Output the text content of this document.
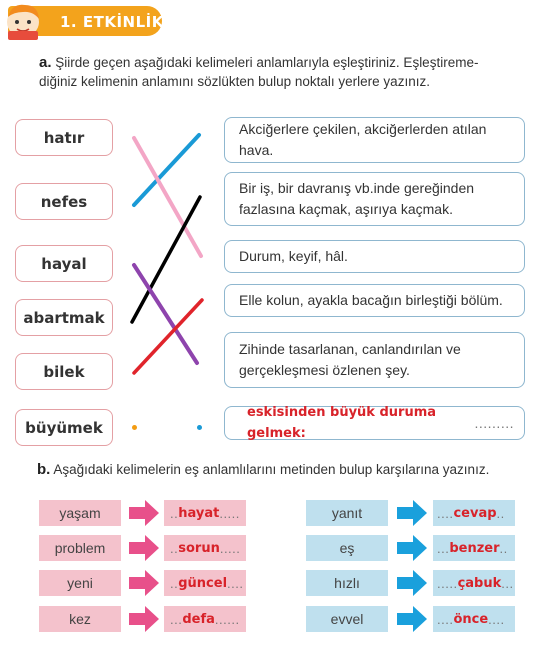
1. ETKİNLİK
a. Şiirde geçen aşağıdaki kelimeleri anlamlarıyla eşleştiriniz. Eşleştireme-
diğiniz kelimenin anlamını sözlükten bulup noktalı yerlere yazınız.
hatır
nefes
hayal
abartmak
bilek
büyümek
Akciğerlere çekilen, akciğerlerden atılan hava.
Bir iş, bir davranış vb.inde gereğinden fazlasına kaçmak, aşırıya kaçmak.
Durum, keyif, hâl.
Elle kolun, ayakla bacağın birleştiği bölüm.
Zihinde tasarlanan, canlandırılan ve gerçekleşmesi özlenen şey.
eskisinden büyük duruma gelmek:
.........
b. Aşağıdaki kelimelerin eş anlamlılarını metinden bulup karşılarına yazınız.
yaşam
problem
yeni
kez
.. hayat .....
.. sorun .....
.. güncel ....
... defa ......
yanıt
eş
hızlı
evvel
.... cevap ..
... benzer ..
..... çabuk ...
.... önce ....
